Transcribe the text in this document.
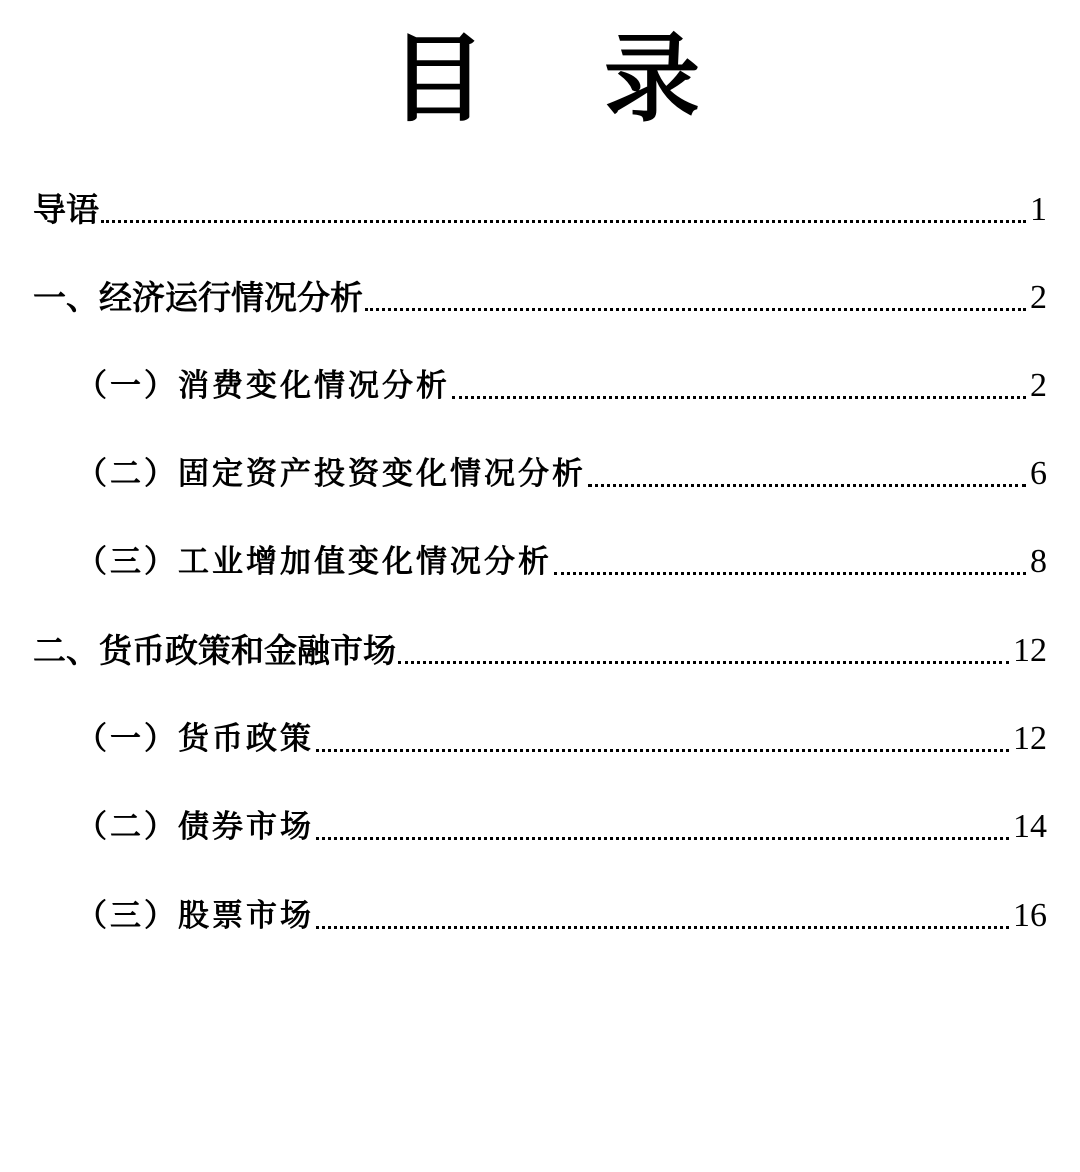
目 录
导语	1
一、经济运行情况分析	2
（一）消费变化情况分析	2
（二）固定资产投资变化情况分析	6
（三）工业增加值变化情况分析	8
二、货币政策和金融市场	12
（一）货币政策	12
（二）债券市场	14
（三）股票市场	16
